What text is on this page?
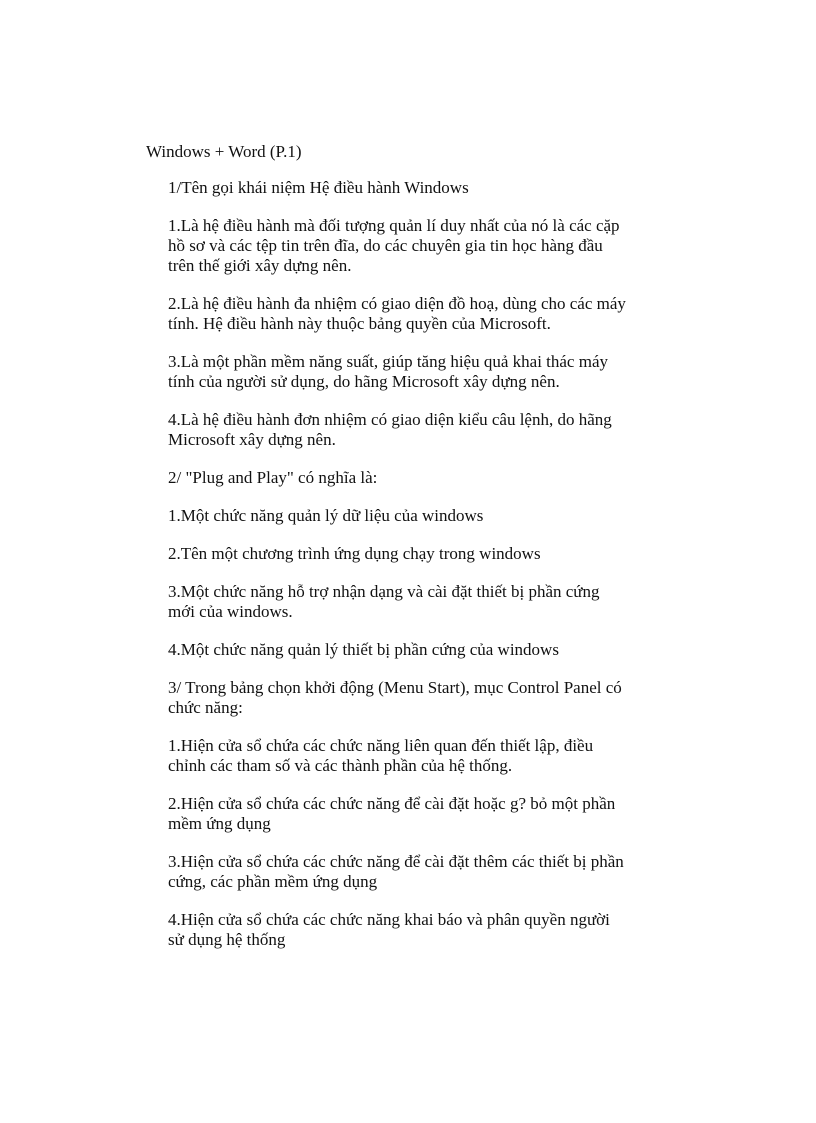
Windows + Word (P.1)

1/Tên gọi khái niệm Hệ điều hành Windows

1.Là hệ điều hành mà đối tượng quản lí duy nhất của nó là các cặp
hồ sơ và các tệp tin trên đĩa, do các chuyên gia tin học hàng đầu
trên thế giới xây dựng nên.

2.Là hệ điều hành đa nhiệm có giao diện đồ hoạ, dùng cho các máy
tính. Hệ điều hành này thuộc bảng quyền của Microsoft.

3.Là một phần mềm năng suất, giúp tăng hiệu quả khai thác máy
tính của người sử dụng, do hãng Microsoft xây dựng nên.

4.Là hệ điều hành đơn nhiệm có giao diện kiểu câu lệnh, do hãng
Microsoft xây dựng nên.

2/ "Plug and Play" có nghĩa là:

1.Một chức năng quản lý dữ liệu của windows

2.Tên một chương trình ứng dụng chạy trong windows

3.Một chức năng hỗ trợ nhận dạng và cài đặt thiết bị phần cứng
mới của windows.

4.Một chức năng quản lý thiết bị phần cứng của windows

3/ Trong bảng chọn khởi động (Menu Start), mục Control Panel có
chức năng:

1.Hiện cửa sổ chứa các chức năng liên quan đến thiết lập, điều
chỉnh các tham số và các thành phần của hệ thống.

2.Hiện cửa sổ chứa các chức năng để cài đặt hoặc g? bỏ một phần
mềm ứng dụng

3.Hiện cửa sổ chứa các chức năng để cài đặt thêm các thiết bị phần
cứng, các phần mềm ứng dụng

4.Hiện cửa sổ chứa các chức năng khai báo và phân quyền người
sử dụng hệ thống
